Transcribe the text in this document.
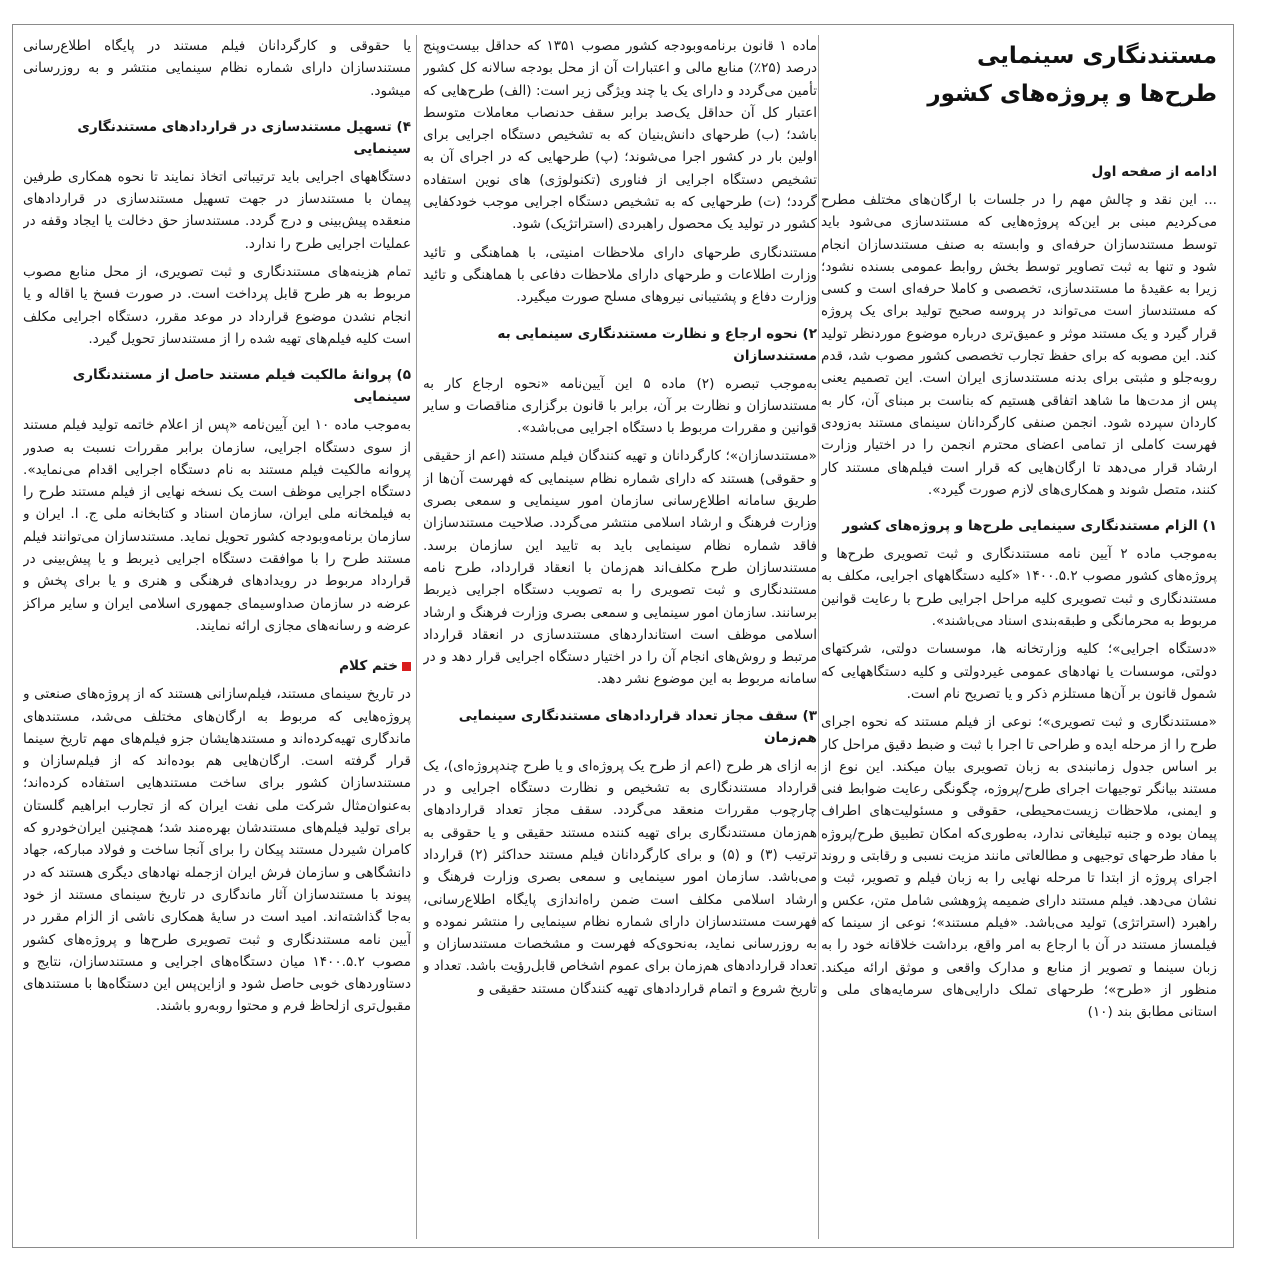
مستندنگاری سینمایی
طرح‌ها و پروژه‌های کشور
ادامه از صفحه اول

... این نقد و چالش مهم را در جلسات با ارگان‌های مختلف مطرح می‌کردیم مبنی بر این‌که پروژه‌هایی که مستندسازی می‌شود باید توسط مستندسازان حرفه‌ای و وابسته به صنف مستندسازان انجام شود و تنها به ثبت تصاویر توسط بخش روابط عمومی بسنده نشود؛ زیرا به عقیدهٔ ما مستندسازی، تخصصی و کاملا حرفه‌ای است و کسی که مستندساز است می‌تواند در پروسه صحیح تولید برای یک پروژه قرار گیرد و یک مستند موثر و عمیق‌تری درباره موضوع موردنظر تولید کند. این مصوبه که برای حفظ تجارب تخصصی کشور مصوب شد، قدم روبه‌جلو و مثبتی برای بدنه مستندسازی ایران است. این تصمیم یعنی پس از مدت‌ها ما شاهد اتفاقی هستیم که بناست بر مبنای آن، کار به کاردان سپرده شود. انجمن صنفی کارگردانان سینمای مستند به‌زودی فهرست کاملی از تمامی اعضای محترم انجمن را در اختیار وزارت ارشاد قرار می‌دهد تا ارگان‌هایی که قرار است فیلم‌های مستند کار کنند، متصل شوند و همکاری‌های لازم صورت گیرد».

۱) الزام مستندنگاری سینمایی طرح‌ها و پروژه‌های کشور

به‌موجب ماده ۲ آیین نامه مستندنگاری و ثبت تصویری طرح‌ها و پروژه‌های کشور مصوب ۱۴۰۰.۵.۲ «کلیه دستگاههای اجرایی، مکلف به مستندنگاری و ثبت تصویری کلیه مراحل اجرایی طرح با رعایت قوانین مربوط به محرمانگی و طبقه‌بندی اسناد می‌باشند».

«دستگاه اجرایی»؛ کلیه وزارتخانه ها، موسسات دولتی، شرکتهای دولتی، موسسات یا نهادهای عمومی غیردولتی و کلیه دستگاههایی که شمول قانون بر آن‌ها مستلزم ذکر و یا تصریح نام است.

«مستندنگاری و ثبت تصویری»؛ نوعی از فیلم مستند که نحوه اجرای طرح را از مرحله ایده و طراحی تا اجرا با ثبت و ضبط دقیق مراحل کار بر اساس جدول زمانبندی به زبان تصویری بیان میکند. این نوع از مستند بیانگر توجیهات اجرای طرح/پروژه، چگونگی رعایت ضوابط فنی و ایمنی، ملاحظات زیست‌محیطی، حقوقی و مسئولیت‌های اطراف پیمان بوده و جنبه تبلیغاتی ندارد، به‌طوری‌که امکان تطبیق طرح/پروژه با مفاد طرحهای توجیهی و مطالعاتی مانند مزیت نسبی و رقابتی و روند اجرای پروژه از ابتدا تا مرحله نهایی را به زبان فیلم و تصویر، ثبت و نشان می‌دهد. فیلم مستند دارای ضمیمه پژوهشی شامل متن، عکس و راهبرد (استراتژی) تولید می‌باشد. «فیلم مستند»؛ نوعی از سینما که فیلمساز مستند در آن با ارجاع به امر واقع، برداشت خلاقانه خود را به زبان سینما و تصویر از منابع و مدارک واقعی و موثق ارائه میکند. منظور از «طرح»؛ طرحهای تملک دارایی‌های سرمایه‌های ملی و استانی مطابق بند (۱۰)

ماده ۱ قانون برنامه‌وبودجه کشور مصوب ۱۳۵۱ که حداقل بیست‌وپنج درصد (۲۵٪) منابع مالی و اعتبارات آن از محل بودجه سالانه کل کشور تأمین می‌گردد و دارای یک یا چند ویژگی زیر است: (الف) طرح‌هایی که اعتبار کل آن حداقل یک‌صد برابر سقف حدنصاب معاملات متوسط باشد؛ (ب) طرحهای دانش‌بنیان که به تشخیص دستگاه اجرایی برای اولین بار در کشور اجرا می‌شوند؛ (پ) طرحهایی که در اجرای آن به تشخیص دستگاه اجرایی از فناوری (تکنولوژی) های نوین استفاده گردد؛ (ت) طرحهایی که به تشخیص دستگاه اجرایی موجب خودکفایی کشور در تولید یک محصول راهبردی (استراتژیک) شود.

مستندنگاری طرحهای دارای ملاحظات امنیتی، با هماهنگی و تائید وزارت اطلاعات و طرحهای دارای ملاحظات دفاعی با هماهنگی و تائید وزارت دفاع و پشتیبانی نیروهای مسلح صورت میگیرد.

۲) نحوه ارجاع و نظارت مستندنگاری سینمایی به مستندسازان

به‌موجب تبصره (۲) ماده ۵ این آیین‌نامه «نحوه ارجاع کار به مستندسازان و نظارت بر آن، برابر با قانون برگزاری مناقصات و سایر قوانین و مقررات مربوط با دستگاه اجرایی می‌باشد».

«مستندسازان»؛ کارگردانان و تهیه کنندگان فیلم مستند (اعم از حقیقی و حقوقی) هستند که دارای شماره نظام سینمایی که فهرست آن‌ها از طریق سامانه اطلاع‌رسانی سازمان امور سینمایی و سمعی بصری وزارت فرهنگ و ارشاد اسلامی منتشر می‌گردد. صلاحیت مستندسازان فاقد شماره نظام سینمایی باید به تایید این سازمان برسد. مستندسازان طرح مکلف‌اند هم‌زمان با انعقاد قرارداد، طرح نامه مستندنگاری و ثبت تصویری را به تصویب دستگاه اجرایی ذیربط برسانند. سازمان امور سینمایی و سمعی بصری وزارت فرهنگ و ارشاد اسلامی موظف است استانداردهای مستندسازی در انعقاد قرارداد مرتبط و روش‌های انجام آن را در اختیار دستگاه اجرایی قرار دهد و در سامانه مربوط به این موضوع نشر دهد.

۳) سقف مجاز تعداد قراردادهای مستندنگاری سینمایی هم‌زمان

به ازای هر طرح (اعم از طرح یک پروژه‌ای و یا طرح چندپروژه‌ای)، یک قرارداد مستندنگاری به تشخیص و نظارت دستگاه اجرایی و در چارچوب مقررات منعقد می‌گردد. سقف مجاز تعداد قراردادهای هم‌زمان مستندنگاری برای تهیه کننده مستند حقیقی و یا حقوقی به ترتیب (۳) و (۵) و برای کارگردانان فیلم مستند حداکثر (۲) قرارداد می‌باشد. سازمان امور سینمایی و سمعی بصری وزارت فرهنگ و ارشاد اسلامی مکلف است ضمن راه‌اندازی پایگاه اطلاع‌رسانی، فهرست مستندسازان دارای شماره نظام سینمایی را منتشر نموده و به روزرسانی نماید، به‌نحوی‌که فهرست و مشخصات مستندسازان و تعداد قراردادهای هم‌زمان برای عموم اشخاص قابل‌رؤیت باشد. تعداد و تاریخ شروع و اتمام قراردادهای تهیه کنندگان مستند حقیقی و

یا حقوقی و کارگردانان فیلم مستند در پایگاه اطلاع‌رسانی مستندسازان دارای شماره نظام سینمایی منتشر و به روزرسانی میشود.

۴) تسهیل مستندسازی در قراردادهای مستندنگاری سینمایی

دستگاههای اجرایی باید ترتیباتی اتخاذ نمایند تا نحوه همکاری طرفین پیمان با مستندساز در جهت تسهیل مستندسازی در قراردادهای منعقده پیش‌بینی و درج گردد. مستندساز حق دخالت یا ایجاد وقفه در عملیات اجرایی طرح را ندارد.

تمام هزینه‌های مستندنگاری و ثبت تصویری، از محل منابع مصوب مربوط به هر طرح قابل پرداخت است. در صورت فسخ یا اقاله و یا انجام نشدن موضوع قرارداد در موعد مقرر، دستگاه اجرایی مکلف است کلیه فیلم‌های تهیه شده را از مستندساز تحویل گیرد.

۵) پروانهٔ مالکیت فیلم مستند حاصل از مستندنگاری سینمایی

به‌موجب ماده ۱۰ این آیین‌نامه «پس از اعلام خاتمه تولید فیلم مستند از سوی دستگاه اجرایی، سازمان برابر مقررات نسبت به صدور پروانه مالکیت فیلم مستند به نام دستگاه اجرایی اقدام می‌نماید». دستگاه اجرایی موظف است یک نسخه نهایی از فیلم مستند طرح را به فیلمخانه ملی ایران، سازمان اسناد و کتابخانه ملی ج. ا. ایران و سازمان برنامه‌وبودجه کشور تحویل نماید. مستندسازان می‌توانند فیلم مستند طرح را با موافقت دستگاه اجرایی ذیربط و یا پیش‌بینی در قرارداد مربوط در رویدادهای فرهنگی و هنری و یا برای پخش و عرضه در سازمان صداوسیمای جمهوری اسلامی ایران و سایر مراکز عرضه و رسانه‌های مجازی ارائه نمایند.

ختم کلام

در تاریخ سینمای مستند، فیلم‌سازانی هستند که از پروژه‌های صنعتی و پروژه‌هایی که مربوط به ارگان‌های مختلف می‌شد، مستندهای ماندگاری تهیه‌کرده‌اند و مستندهایشان جزو فیلم‌های مهم تاریخ سینما قرار گرفته است. ارگان‌هایی هم بوده‌اند که از فیلم‌سازان و مستندسازان کشور برای ساخت مستندهایی استفاده کرده‌اند؛ به‌عنوان‌مثال شرکت ملی نفت ایران که از تجارب ابراهیم گلستان برای تولید فیلم‌های مستندشان بهره‌مند شد؛ همچنین ایران‌خودرو که کامران شیردل مستند پیکان را برای آنجا ساخت و فولاد مبارکه، جهاد دانشگاهی و سازمان فرش ایران ازجمله نهادهای دیگری هستند که در پیوند با مستندسازان آثار ماندگاری در تاریخ سینمای مستند از خود به‌جا گذاشته‌اند. امید است در سایهٔ همکاری ناشی از الزام مقرر در آیین نامه مستندنگاری و ثبت تصویری طرح‌ها و پروژه‌های کشور مصوب ۱۴۰۰.۵.۲ میان دستگاه‌های اجرایی و مستندسازان، نتایج و دستاوردهای خوبی حاصل شود و ازاین‌پس این دستگاه‌ها با مستندهای مقبول‌تری ازلحاظ فرم و محتوا روبه‌رو باشند.
